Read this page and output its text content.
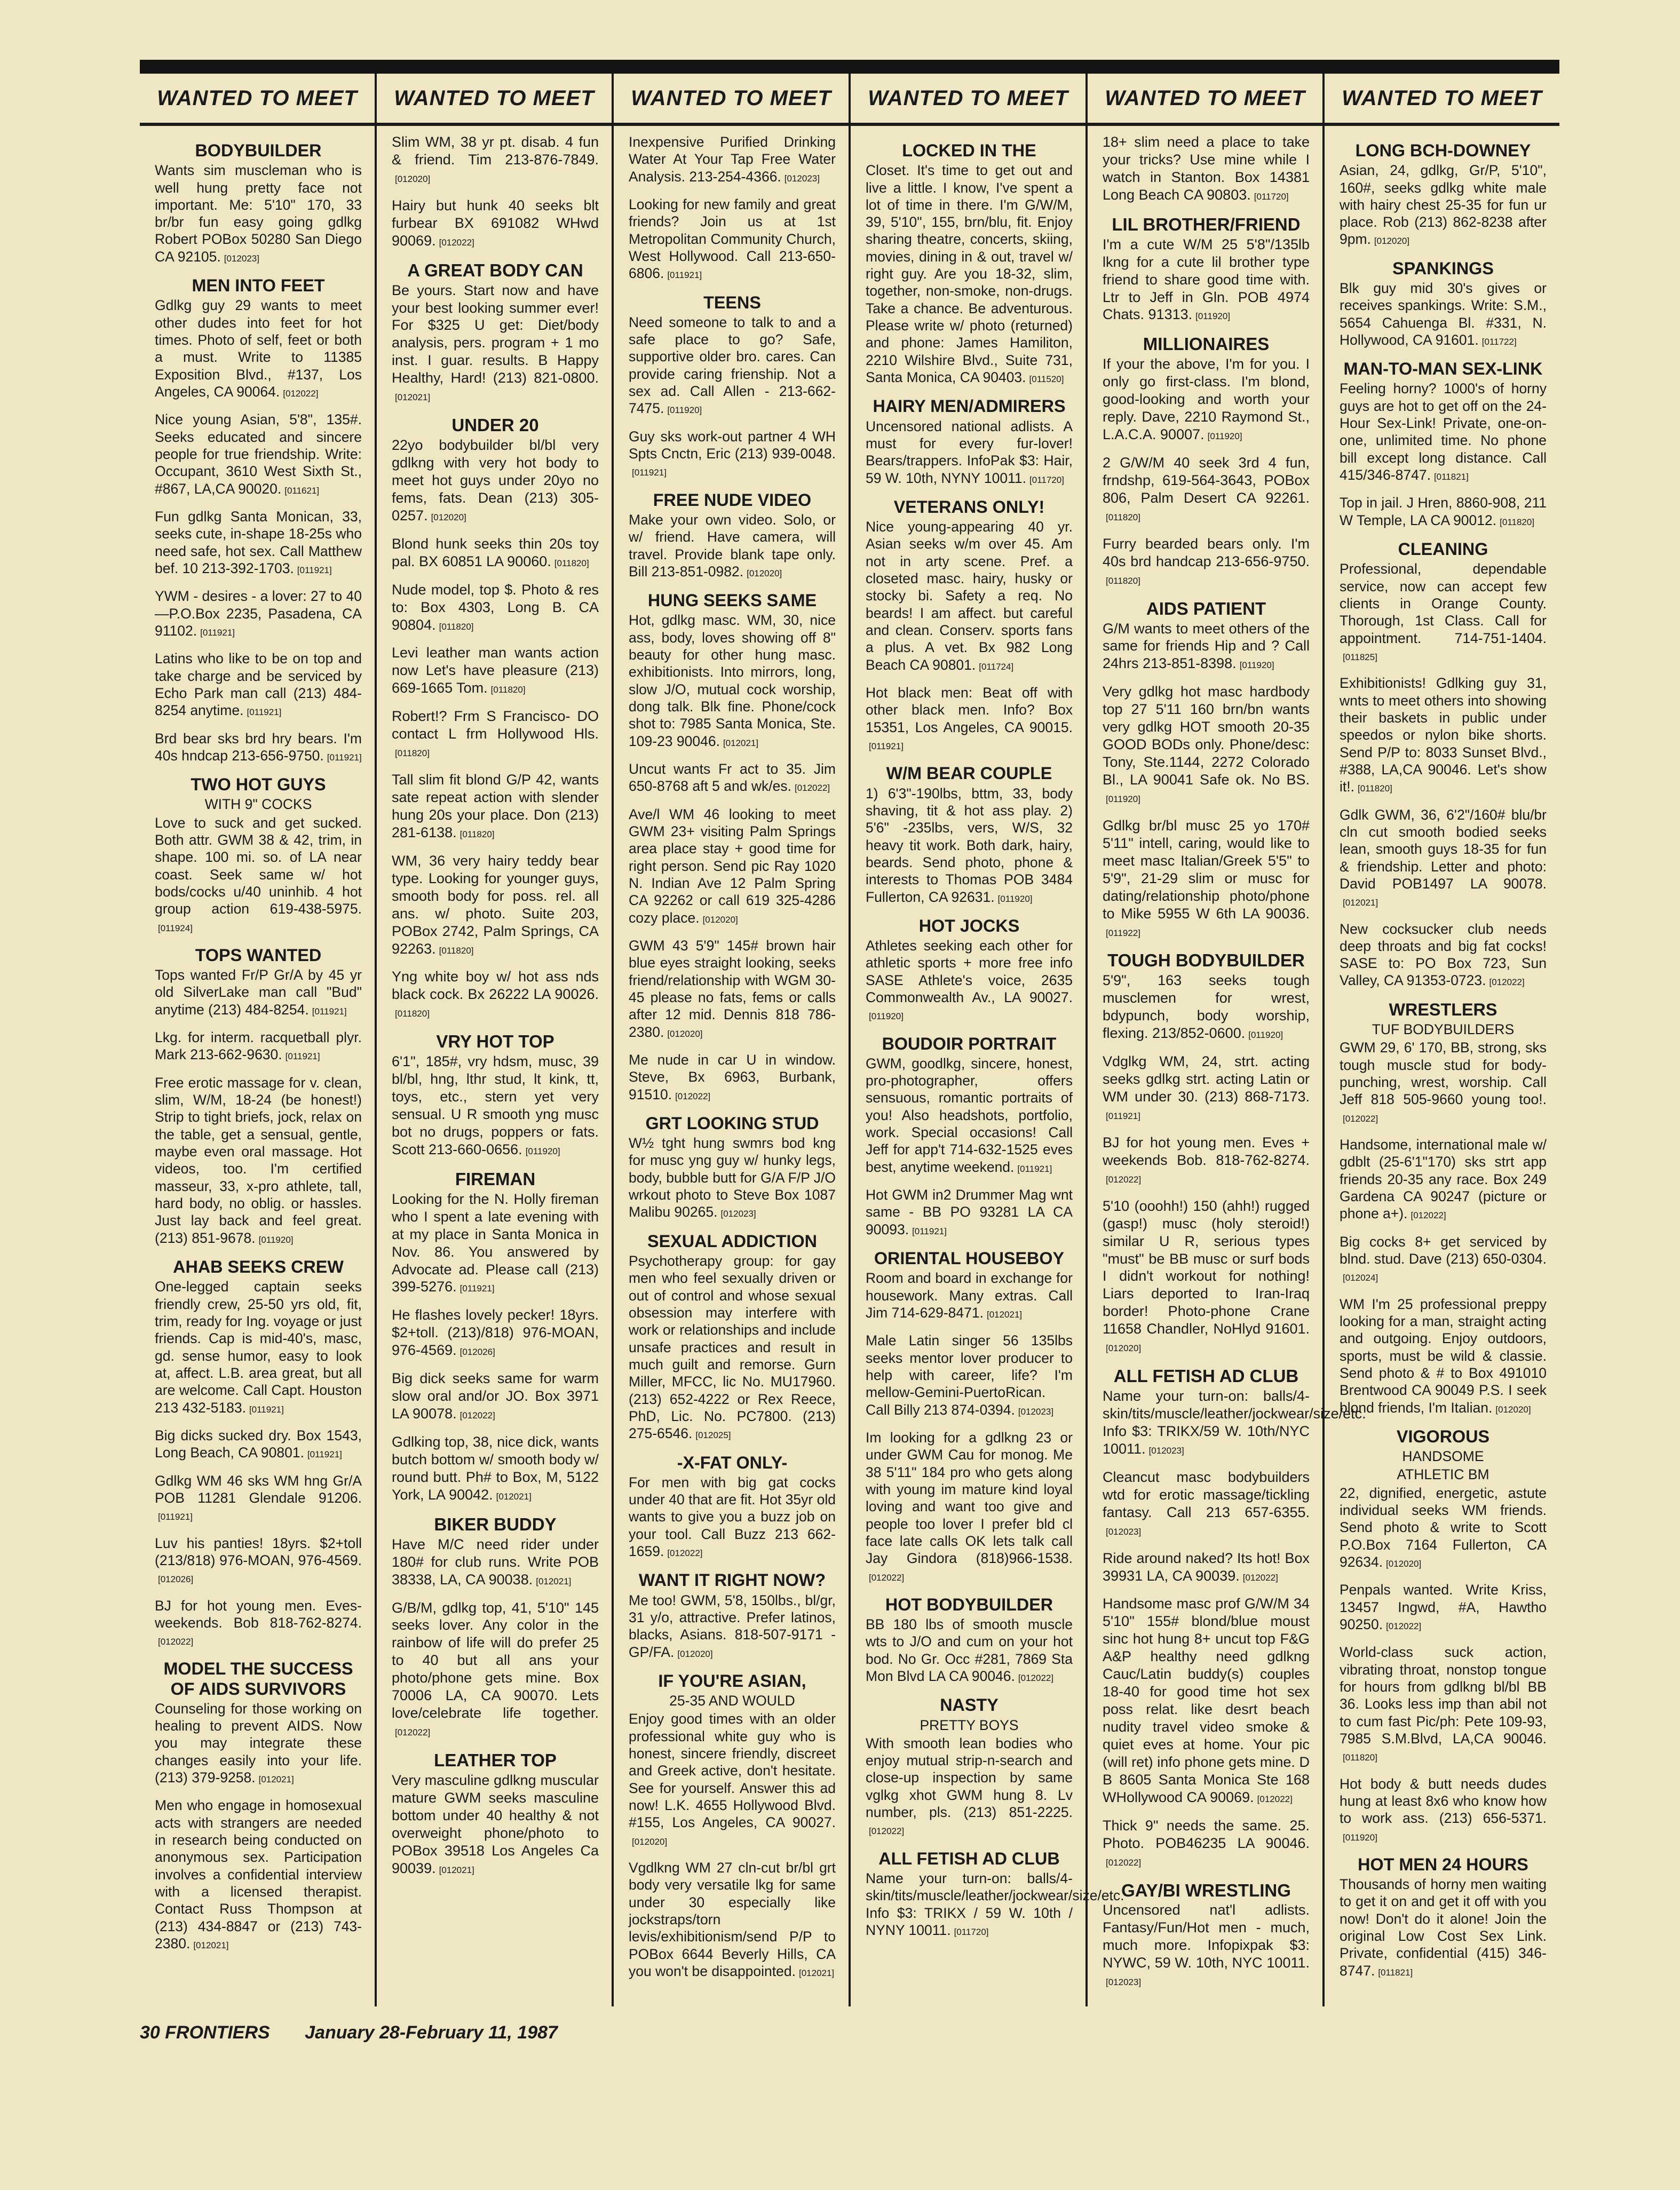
WANTED TO MEET
BODYBUILDER
Wants sim muscleman who is well hung pretty face not important. Me: 5'10" 170, 33 br/br fun easy going gdlkg Robert POBox 50280 San Diego CA 92105. [012023]
MEN INTO FEET
Gdlkg guy 29 wants to meet other dudes into feet for hot times. Photo of self, feet or both a must. Write to 11385 Exposition Blvd., #137, Los Angeles, CA 90064. [012022]
Nice young Asian, 5'8", 135#. Seeks educated and sincere people for true friendship. Write: Occupant, 3610 West Sixth St., #867, LA,CA 90020. [011621]
Fun gdlkg Santa Monican, 33, seeks cute, in-shape 18-25s who need safe, hot sex. Call Matthew bef. 10 213-392-1703. [011921]
YWM - desires - a lover: 27 to 40—P.O.Box 2235, Pasadena, CA 91102. [011921]
Latins who like to be on top and take charge and be serviced by Echo Park man call (213) 484-8254 anytime. [011921]
Brd bear sks brd hry bears. I'm 40s hndcap 213-656-9750. [011921]
TWO HOT GUYS
WITH 9" COCKS
Love to suck and get sucked. Both attr. GWM 38 & 42, trim, in shape. 100 mi. so. of LA near coast. Seek same w/ hot bods/cocks u/40 uninhib. 4 hot group action 619-438-5975.[011924]
TOPS WANTED
Tops wanted Fr/P Gr/A by 45 yr old SilverLake man call "Bud" anytime (213) 484-8254. [011921]
Lkg. for interm. racquetball plyr. Mark 213-662-9630. [011921]
Free erotic massage for v. clean, slim, W/M, 18-24 (be honest!) Strip to tight briefs, jock, relax on the table, get a sensual, gentle, maybe even oral massage. Hot videos, too. I'm certified masseur, 33, x-pro athlete, tall, hard body, no oblig. or hassles. Just lay back and feel great. (213) 851-9678. [011920]
AHAB SEEKS CREW
One-legged captain seeks friendly crew, 25-50 yrs old, fit, trim, ready for Ing. voyage or just friends. Cap is mid-40's, masc, gd. sense humor, easy to look at, affect. L.B. area great, but all are welcome. Call Capt. Houston 213 432-5183. [011921]
Big dicks sucked dry. Box 1543, Long Beach, CA 90801. [011921]
Gdlkg WM 46 sks WM hng Gr/A POB 11281 Glendale 91206.[011921]
Luv his panties! 18yrs. $2+toll (213/818) 976-MOAN, 976-4569.[012026]
BJ for hot young men. Eves-weekends. Bob 818-762-8274.[012022]
MODEL THE SUCCESS OF AIDS SURVIVORS
Counseling for those working on healing to prevent AIDS. Now you may integrate these changes easily into your life. (213) 379-9258. [012021]
Men who engage in homosexual acts with strangers are needed in research being conducted on anonymous sex. Participation involves a confidential interview with a licensed therapist. Contact Russ Thompson at (213) 434-8847 or (213) 743-2380. [012021]
WANTED TO MEET
Slim WM, 38 yr pt. disab. 4 fun & friend. Tim 213-876-7849.[012020]
Hairy but hunk 40 seeks blt furbear BX 691082 WHwd 90069. [012022]
A GREAT BODY CAN
Be yours. Start now and have your best looking summer ever! For $325 U get: Diet/body analysis, pers. program + 1 mo inst. I guar. results. B Happy Healthy, Hard! (213) 821-0800.[012021]
UNDER 20
22yo bodybuilder bl/bl very gdlkng with very hot body to meet hot guys under 20yo no fems, fats. Dean (213) 305-0257. [012020]
Blond hunk seeks thin 20s toy pal. BX 60851 LA 90060. [011820]
Nude model, top $. Photo & res to: Box 4303, Long B. CA 90804. [011820]
Levi leather man wants action now Let's have pleasure (213) 669-1665 Tom. [011820]
Robert!? Frm S Francisco- DO contact L frm Hollywood Hls.[011820]
Tall slim fit blond G/P 42, wants sate repeat action with slender hung 20s your place. Don (213) 281-6138. [011820]
WM, 36 very hairy teddy bear type. Looking for younger guys, smooth body for poss. rel. all ans. w/ photo. Suite 203, POBox 2742, Palm Springs, CA 92263. [011820]
Yng white boy w/ hot ass nds black cock. Bx 26222 LA 90026.[011820]
VRY HOT TOP
6'1", 185#, vry hdsm, musc, 39 bl/bl, hng, lthr stud, lt kink, tt, toys, etc., stern yet very sensual. U R smooth yng musc bot no drugs, poppers or fats. Scott 213-660-0656. [011920]
FIREMAN
Looking for the N. Holly fireman who I spent a late evening with at my place in Santa Monica in Nov. 86. You answered by Advocate ad. Please call (213) 399-5276. [011921]
He flashes lovely pecker! 18yrs. $2+toll. (213)/818) 976-MOAN, 976-4569. [012026]
Big dick seeks same for warm slow oral and/or JO. Box 3971 LA 90078. [012022]
Gdlking top, 38, nice dick, wants butch bottom w/ smooth body w/ round butt. Ph# to Box, M, 5122 York, LA 90042. [012021]
BIKER BUDDY
Have M/C need rider under 180# for club runs. Write POB 38338, LA, CA 90038. [012021]
G/B/M, gdlkg top, 41, 5'10" 145 seeks lover. Any color in the rainbow of life will do prefer 25 to 40 but all ans your photo/phone gets mine. Box 70006 LA, CA 90070. Lets love/celebrate life together.[012022]
LEATHER TOP
Very masculine gdlkng muscular mature GWM seeks masculine bottom under 40 healthy & not overweight phone/photo to POBox 39518 Los Angeles Ca 90039. [012021]
WANTED TO MEET
Inexpensive Purified Drinking Water At Your Tap Free Water Analysis. 213-254-4366. [012023]
Looking for new family and great friends? Join us at 1st Metropolitan Community Church, West Hollywood. Call 213-650-6806. [011921]
TEENS
Need someone to talk to and a safe place to go? Safe, supportive older bro. cares. Can provide caring frienship. Not a sex ad. Call Allen - 213-662-7475. [011920]
Guy sks work-out partner 4 WH Spts Cnctn, Eric (213) 939-0048.[011921]
FREE NUDE VIDEO
Make your own video. Solo, or w/ friend. Have camera, will travel. Provide blank tape only. Bill 213-851-0982. [012020]
HUNG SEEKS SAME
Hot, gdlkg masc. WM, 30, nice ass, body, loves showing off 8" beauty for other hung masc. exhibitionists. Into mirrors, long, slow J/O, mutual cock worship, dong talk. Blk fine. Phone/cock shot to: 7985 Santa Monica, Ste. 109-23 90046. [012021]
Uncut wants Fr act to 35. Jim 650-8768 aft 5 and wk/es. [012022]
Ave/l WM 46 looking to meet GWM 23+ visiting Palm Springs area place stay + good time for right person. Send pic Ray 1020 N. Indian Ave 12 Palm Spring CA 92262 or call 619 325-4286 cozy place. [012020]
GWM 43 5'9" 145# brown hair blue eyes straight looking, seeks friend/relationship with WGM 30-45 please no fats, fems or calls after 12 mid. Dennis 818 786-2380. [012020]
Me nude in car U in window. Steve, Bx 6963, Burbank, 91510. [012022]
GRT LOOKING STUD
W½ tght hung swmrs bod kng for musc yng guy w/ hunky legs, body, bubble butt for G/A F/P J/O wrkout photo to Steve Box 1087 Malibu 90265. [012023]
SEXUAL ADDICTION
Psychotherapy group: for gay men who feel sexually driven or out of control and whose sexual obsession may interfere with work or relationships and include unsafe practices and result in much guilt and remorse. Gurn Miller, MFCC, lic No. MU17960. (213) 652-4222 or Rex Reece, PhD, Lic. No. PC7800. (213) 275-6546. [012025]
-X-FAT ONLY-
For men with big gat cocks under 40 that are fit. Hot 35yr old wants to give you a buzz job on your tool. Call Buzz 213 662-1659. [012022]
WANT IT RIGHT NOW?
Me too! GWM, 5'8, 150lbs., bl/gr, 31 y/o, attractive. Prefer latinos, blacks, Asians. 818-507-9171 - GP/FA. [012020]
IF YOU'RE ASIAN,
25-35 AND WOULD
Enjoy good times with an older professional white guy who is honest, sincere friendly, discreet and Greek active, don't hesitate. See for yourself. Answer this ad now! L.K. 4655 Hollywood Blvd. #155, Los Angeles, CA 90027.[012020]
Vgdlkng WM 27 cln-cut br/bl grt body very versatile lkg for same under 30 especially like jockstraps/torn levis/exhibitionism/send P/P to POBox 6644 Beverly Hills, CA you won't be disappointed. [012021]
WANTED TO MEET
LOCKED IN THE
Closet. It's time to get out and live a little. I know, I've spent a lot of time in there. I'm G/W/M, 39, 5'10", 155, brn/blu, fit. Enjoy sharing theatre, concerts, skiing, movies, dining in & out, travel w/ right guy. Are you 18-32, slim, together, non-smoke, non-drugs. Take a chance. Be adventurous. Please write w/ photo (returned) and phone: James Hamiliton, 2210 Wilshire Blvd., Suite 731, Santa Monica, CA 90403. [011520]
HAIRY MEN/ADMIRERS
Uncensored national adlists. A must for every fur-lover! Bears/trappers. InfoPak $3: Hair, 59 W. 10th, NYNY 10011. [011720]
VETERANS ONLY!
Nice young-appearing 40 yr. Asian seeks w/m over 45. Am not in arty scene. Pref. a closeted masc. hairy, husky or stocky bi. Safety a req. No beards! I am affect. but careful and clean. Conserv. sports fans a plus. A vet. Bx 982 Long Beach CA 90801. [011724]
Hot black men: Beat off with other black men. Info? Box 15351, Los Angeles, CA 90015.[011921]
W/M BEAR COUPLE
1) 6'3"-190lbs, bttm, 33, body shaving, tit & hot ass play. 2) 5'6" -235lbs, vers, W/S, 32 heavy tit work. Both dark, hairy, beards. Send photo, phone & interests to Thomas POB 3484 Fullerton, CA 92631. [011920]
HOT JOCKS
Athletes seeking each other for athletic sports + more free info SASE Athlete's voice, 2635 Commonwealth Av., LA 90027.[011920]
BOUDOIR PORTRAIT
GWM, goodlkg, sincere, honest, pro-photographer, offers sensuous, romantic portraits of you! Also headshots, portfolio, work. Special occasions! Call Jeff for app't 714-632-1525 eves best, anytime weekend. [011921]
Hot GWM in2 Drummer Mag wnt same - BB PO 93281 LA CA 90093. [011921]
ORIENTAL HOUSEBOY
Room and board in exchange for housework. Many extras. Call Jim 714-629-8471. [012021]
Male Latin singer 56 135lbs seeks mentor lover producer to help with career, life? I'm mellow-Gemini-PuertoRican. Call Billy 213 874-0394. [012023]
Im looking for a gdlkng 23 or under GWM Cau for monog. Me 38 5'11" 184 pro who gets along with young im mature kind loyal loving and want too give and people too lover I prefer bld cl face late calls OK lets talk call Jay Gindora (818)966-1538.[012022]
HOT BODYBUILDER
BB 180 lbs of smooth muscle wts to J/O and cum on your hot bod. No Gr. Occ #281, 7869 Sta Mon Blvd LA CA 90046. [012022]
NASTY
PRETTY BOYS
With smooth lean bodies who enjoy mutual strip-n-search and close-up inspection by same vglkg xhot GWM hung 8. Lv number, pls. (213) 851-2225.[012022]
ALL FETISH AD CLUB
Name your turn-on: balls/4-skin/tits/muscle/leather/jockwear/size/etc. Info $3: TRIKX / 59 W. 10th / NYNY 10011. [011720]
WANTED TO MEET
18+ slim need a place to take your tricks? Use mine while I watch in Stanton. Box 14381 Long Beach CA 90803. [011720]
LIL BROTHER/FRIEND
I'm a cute W/M 25 5'8"/135lb lkng for a cute lil brother type friend to share good time with. Ltr to Jeff in Gln. POB 4974 Chats. 91313. [011920]
MILLIONAIRES
If your the above, I'm for you. I only go first-class. I'm blond, good-looking and worth your reply. Dave, 2210 Raymond St., L.A.C.A. 90007. [011920]
2 G/W/M 40 seek 3rd 4 fun, frndshp, 619-564-3643, POBox 806, Palm Desert CA 92261.[011820]
Furry bearded bears only. I'm 40s brd handcap 213-656-9750.[011820]
AIDS PATIENT
G/M wants to meet others of the same for friends Hip and ? Call 24hrs 213-851-8398. [011920]
Very gdlkg hot masc hardbody top 27 5'11 160 brn/bn wants very gdlkg HOT smooth 20-35 GOOD BODs only. Phone/desc: Tony, Ste.1144, 2272 Colorado Bl., LA 90041 Safe ok. No BS.[011920]
Gdlkg br/bl musc 25 yo 170# 5'11" intell, caring, would like to meet masc Italian/Greek 5'5" to 5'9", 21-29 slim or musc for dating/relationship photo/phone to Mike 5955 W 6th LA 90036.[011922]
TOUGH BODYBUILDER
5'9", 163 seeks tough musclemen for wrest, bdypunch, body worship, flexing. 213/852-0600. [011920]
Vdglkg WM, 24, strt. acting seeks gdlkg strt. acting Latin or WM under 30. (213) 868-7173.[011921]
BJ for hot young men. Eves + weekends Bob. 818-762-8274.[012022]
5'10 (ooohh!) 150 (ahh!) rugged (gasp!) musc (holy steroid!) similar U R, serious types "must" be BB musc or surf bods I didn't workout for nothing! Liars deported to Iran-Iraq border! Photo-phone Crane 11658 Chandler, NoHlyd 91601.[012020]
ALL FETISH AD CLUB
Name your turn-on: balls/4-skin/tits/muscle/leather/jockwear/size/etc. Info $3: TRIKX/59 W. 10th/NYC 10011. [012023]
Cleancut masc bodybuilders wtd for erotic massage/tickling fantasy. Call 213 657-6355.[012023]
Ride around naked? Its hot! Box 39931 LA, CA 90039. [012022]
Handsome masc prof G/W/M 34 5'10" 155# blond/blue moust sinc hot hung 8+ uncut top F&G A&P healthy need gdlkng Cauc/Latin buddy(s) couples 18-40 for good time hot sex poss relat. like desrt beach nudity travel video smoke & quiet eves at home. Your pic (will ret) info phone gets mine. D B 8605 Santa Monica Ste 168 WHollywood CA 90069. [012022]
Thick 9" needs the same. 25. Photo. POB46235 LA 90046.[012022]
GAY/BI WRESTLING
Uncensored nat'l adlists. Fantasy/Fun/Hot men - much, much more. Infopixpak $3: NYWC, 59 W. 10th, NYC 10011.[012023]
WANTED TO MEET
LONG BCH-DOWNEY
Asian, 24, gdlkg, Gr/P, 5'10", 160#, seeks gdlkg white male with hairy chest 25-35 for fun ur place. Rob (213) 862-8238 after 9pm. [012020]
SPANKINGS
Blk guy mid 30's gives or receives spankings. Write: S.M., 5654 Cahuenga Bl. #331, N. Hollywood, CA 91601. [011722]
MAN-TO-MAN SEX-LINK
Feeling horny? 1000's of horny guys are hot to get off on the 24-Hour Sex-Link! Private, one-on-one, unlimited time. No phone bill except long distance. Call 415/346-8747. [011821]
Top in jail. J Hren, 8860-908, 211 W Temple, LA CA 90012. [011820]
CLEANING
Professional, dependable service, now can accept few clients in Orange County. Thorough, 1st Class. Call for appointment. 714-751-1404.[011825]
Exhibitionists! Gdlking guy 31, wnts to meet others into showing their baskets in public under speedos or nylon bike shorts. Send P/P to: 8033 Sunset Blvd., #388, LA,CA 90046. Let's show it!. [011820]
Gdlk GWM, 36, 6'2"/160# blu/br cln cut smooth bodied seeks lean, smooth guys 18-35 for fun & friendship. Letter and photo: David POB1497 LA 90078.[012021]
New cocksucker club needs deep throats and big fat cocks! SASE to: PO Box 723, Sun Valley, CA 91353-0723. [012022]
WRESTLERS
TUF BODYBUILDERS
GWM 29, 6' 170, BB, strong, sks tough muscle stud for body-punching, wrest, worship. Call Jeff 818 505-9660 young too!.[012022]
Handsome, international male w/ gdblt (25-6'1"170) sks strt app friends 20-35 any race. Box 249 Gardena CA 90247 (picture or phone a+). [012022]
Big cocks 8+ get serviced by blnd. stud. Dave (213) 650-0304.[012024]
WM I'm 25 professional preppy looking for a man, straight acting and outgoing. Enjoy outdoors, sports, must be wild & classie. Send photo & # to Box 491010 Brentwood CA 90049 P.S. I seek blond friends, I'm Italian. [012020]
VIGOROUS
HANDSOME
ATHLETIC BM
22, dignified, energetic, astute individual seeks WM friends. Send photo & write to Scott P.O.Box 7164 Fullerton, CA 92634. [012020]
Penpals wanted. Write Kriss, 13457 Ingwd, #A, Hawtho 90250. [012022]
World-class suck action, vibrating throat, nonstop tongue for hours from gdlkng bl/bl BB 36. Looks less imp than abil not to cum fast Pic/ph: Pete 109-93, 7985 S.M.Blvd, LA,CA 90046.[011820]
Hot body & butt needs dudes hung at least 8x6 who know how to work ass. (213) 656-5371.[011920]
HOT MEN 24 HOURS
Thousands of horny men waiting to get it on and get it off with you now! Don't do it alone! Join the original Low Cost Sex Link. Private, confidential (415) 346-8747. [011821]
30 FRONTIERS January 28-February 11, 1987
